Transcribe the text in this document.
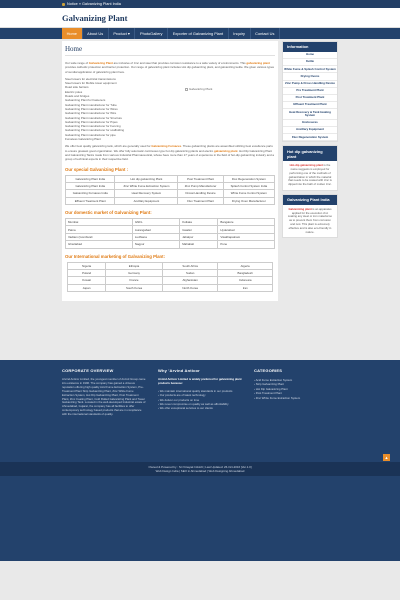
Notice » Galvanizing Plant India
Galvanizing Plant
Home	About Us	Product ▾	PhotoGallery	Exporter of Galvanizing Plant	Inquiry	Contact Us
Home

Our wide range of Galvanizing Plant are inclusive of zinc and steel that provides corrosion resistance to a wide variety of environments. This galvanizing plant provides cathodic protection and barrier protection. Our range of galvanizing plant includes Hot dip galvanizing plant, and galvanizing kettle. We given various types of sundial application of galvanizing plant here.

Steel towers for electrical transmissions
Steel towers for Mobile tower equipment
Road side barriers
Electric poles
Roads and bridges
Galvanizing Plant for Fasteners
Galvanizing Plant manufacturer for Tube
Galvanizing Plant manufacturer for Wires
Galvanizing Plant manufacturer for Wire
Galvanizing Plant manufacturer for Structure
Galvanizing Plant manufacturer for Pipes
Galvanizing Plant manufacturer for Fencing
Galvanizing Plant manufacturer for scaffolding
Galvanizing Plant manufacturer for pipe
Fumeless Galvanizing Plant
Galvanizing Plant

We offer best quality galvanizing tank, which are generally used for Galvanizing Furnaces. These galvanizing plants are assembled utilizing best excellence parts to ensure greatest good organization. We offer fully automatic continuous type hot dip galvanizing plants and electro galvanizing plant. Hot Dip Galvanizing Plant and Galvanizing Tanks made from various Industrial Pharmaceutical, whose have more than 17 years of experience in the field of hot-dip galvanizing industry and a group of technical experts in their respective field.

Our special Galvanizing Plant :
Galvanizing Plant India	Hot dip galvanizing Plant	Post Treatment Plant	Flux Regeneration System
Galvanizing Plant India	Zinc White Fume Extraction System	Zinc Pump Manufacturer	Splash Control System India
Galvanizing Furnaces India	Heat Recovery System	Drossi Handling Device	White Fume Control System
Effluent Treatment Plant	Ancillary Equipment	Flux Treatment Plant	Drying Oven Manufacturer
Our domestic market of Galvanizing Plant:
Mumbai	GNFL	Kolkata	Bangalore
Patna	Aurangabad	Gwalior	Hyderabad
Vadtam (Gombivali	Ludhiana	Jabalpur	Visakhapatnam
Ghaziabad	Nagpur	Mahabali	Pune
Our International marketing of Galvanizing Plant:
Nigeria	Ethiopia	South Africa	Algeria
Poland	Germany	Sudan	Bangladesh
Kuwait	France	Afghanistan	Indonesia
Japan	South Korea	North Korea	Iran
Information
Home
Kettle
White Fume & Splash Control System
Drying Ovens
Zinc Pump & Dross Handling Device
Pre Treatment Plant
Post Treatment Plant
Effluent Treatment Plant
Heat Recovery & Tank Heating System
Enclosures
Ancillary Equipment
Flux Regeneration System
Hot dip galvanizing plant
Hot-dip galvanizing plant is the name suggests is employed for performing one of the methods of galvanization in which the material that needs to be coated with zinc is dipped into the bath of molten zinc.
Galvanizing Plant India
Galvanizing plant is an apparatus applied for the execution zinc coating any steel or iron material so as to prevent them from corrosion and rust. This plant is extremely effective and is also eco-friendly in nature.
CORPORATE OVERVIEW

Arvind Anticor Limited, the youngest member of Arvind Group came into existence in 1996. The company has gained a virtuous reputation offering high quality Acid Fume Extraction System, Pre-Treatment Plant Strip Galvanizing Plant, Zinc White Fume Extraction System, Hot Dip Galvanizing Plant, Post Treatment Plant, Zinc Coating Plant, Cold Rolled Galvanizing Plant and Tower Galvanizing Tank. Located in the well-developed Industrial estate of Ahmedabad, Gujarat, the company has all facilities to offer contemporary technology based products that are in compliance with the international standards of quality.

Why 'Arvind Anticor

Arvind Anticor Limited is widely preferred for galvanizing plant products because:

› We maintain international quality standards in our products
› Our products are of latest technology
› We deliver our products on time
› We never compromise on quality as well as affordability
› We offer exceptional services to our clients
CATEGORIES
› Acid Fume Extraction System
› Strip Galvanizing Plant
› Hot Dip Galvanizing Plant
› Post Treatment Plant
› Zinc White Fume Extraction System
Owned & Powered by : Sri Vinayak Infoloft | Last Updated: 26-Oct-2016 [Ver.1.0]
Web Design India | SEO in Ahmedabad | Web Designing Ahmedabad
▲
